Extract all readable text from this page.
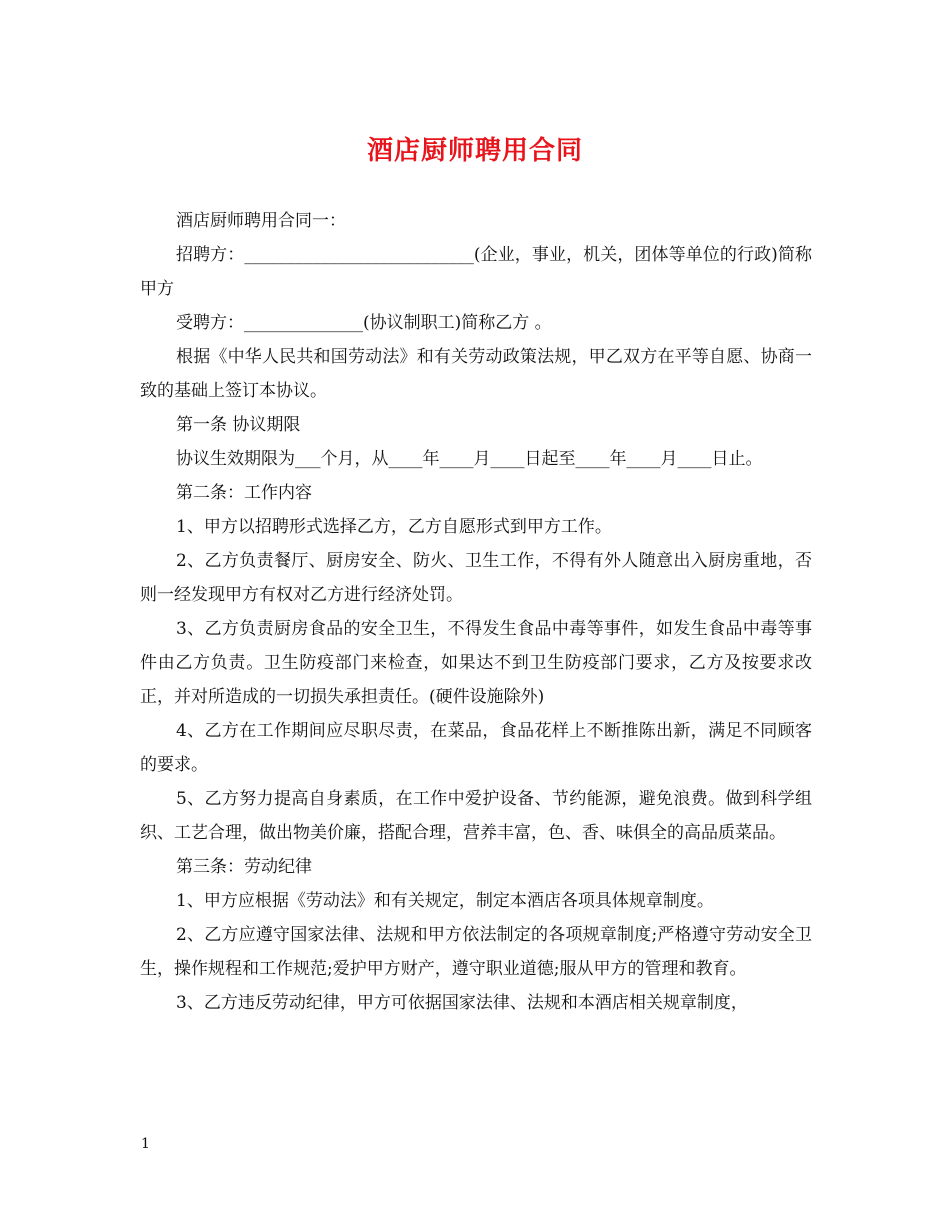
酒店厨师聘用合同

酒店厨师聘用合同一：

招聘方：___________________________(企业，事业，机关，团体等单位的行政)简称甲方

受聘方：______________(协议制职工)简称乙方 。

根据《中华人民共和国劳动法》和有关劳动政策法规，甲乙双方在平等自愿、协商一致的基础上签订本协议。

第一条 协议期限

协议生效期限为___个月，从____年____月____日起至____年____月____日止。

第二条：工作内容

1、甲方以招聘形式选择乙方，乙方自愿形式到甲方工作。

2、乙方负责餐厅、厨房安全、防火、卫生工作，不得有外人随意出入厨房重地，否则一经发现甲方有权对乙方进行经济处罚。

3、乙方负责厨房食品的安全卫生，不得发生食品中毒等事件，如发生食品中毒等事件由乙方负责。卫生防疫部门来检查，如果达不到卫生防疫部门要求，乙方及按要求改正，并对所造成的一切损失承担责任。(硬件设施除外)

4、乙方在工作期间应尽职尽责，在菜品，食品花样上不断推陈出新，满足不同顾客的要求。

5、乙方努力提高自身素质，在工作中爱护设备、节约能源，避免浪费。做到科学组织、工艺合理，做出物美价廉，搭配合理，营养丰富，色、香、味俱全的高品质菜品。

第三条：劳动纪律

1、甲方应根据《劳动法》和有关规定，制定本酒店各项具体规章制度。

2、乙方应遵守国家法律、法规和甲方依法制定的各项规章制度;严格遵守劳动安全卫生，操作规程和工作规范;爱护甲方财产，遵守职业道德;服从甲方的管理和教育。

3、乙方违反劳动纪律，甲方可依据国家法律、法规和本酒店相关规章制度，

1
